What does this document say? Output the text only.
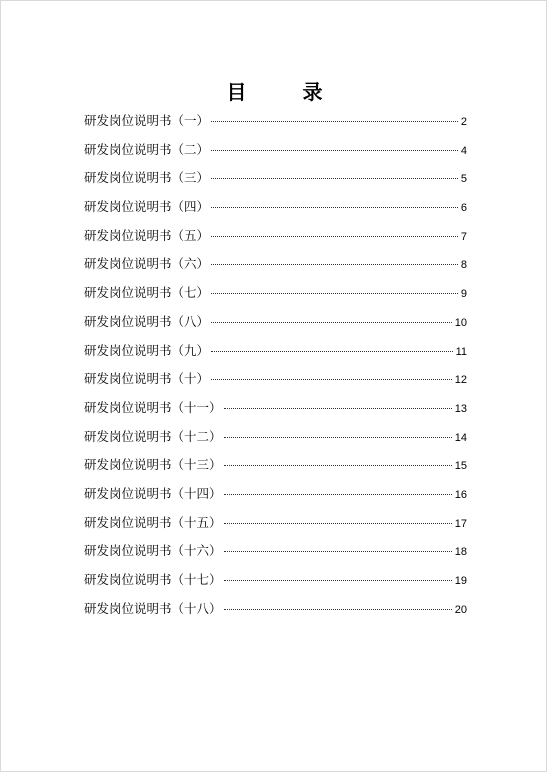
目　录
研发岗位说明书（一）	2
研发岗位说明书（二）	4
研发岗位说明书（三）	5
研发岗位说明书（四）	6
研发岗位说明书（五）	7
研发岗位说明书（六）	8
研发岗位说明书（七）	9
研发岗位说明书（八）	10
研发岗位说明书（九）	11
研发岗位说明书（十）	12
研发岗位说明书（十一）	13
研发岗位说明书（十二）	14
研发岗位说明书（十三）	15
研发岗位说明书（十四）	16
研发岗位说明书（十五）	17
研发岗位说明书（十六）	18
研发岗位说明书（十七）	19
研发岗位说明书（十八）	20
